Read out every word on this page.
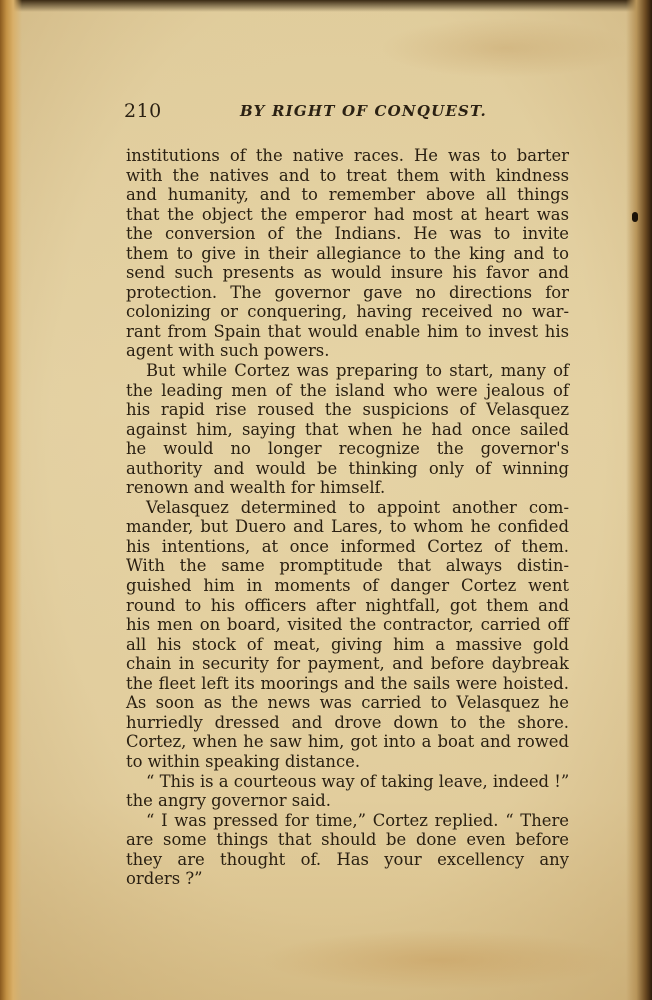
210	BY RIGHT OF CONQUEST.
institutions of the native races. He was to barter
with the natives and to treat them with kindness
and humanity, and to remember above all things
that the object the emperor had most at heart was
the conversion of the Indians. He was to invite
them to give in their allegiance to the king and to
send such presents as would insure his favor and
protection. The governor gave no directions for
colonizing or conquering, having received no war-
rant from Spain that would enable him to invest his
agent with such powers.
But while Cortez was preparing to start, many of
the leading men of the island who were jealous of
his rapid rise roused the suspicions of Velasquez
against him, saying that when he had once sailed
he would no longer recognize the governor's
authority and would be thinking only of winning
renown and wealth for himself.
Velasquez determined to appoint another com-
mander, but Duero and Lares, to whom he confided
his intentions, at once informed Cortez of them.
With the same promptitude that always distin-
guished him in moments of danger Cortez went
round to his officers after nightfall, got them and
his men on board, visited the contractor, carried off
all his stock of meat, giving him a massive gold
chain in security for payment, and before daybreak
the fleet left its moorings and the sails were hoisted.
As soon as the news was carried to Velasquez he
hurriedly dressed and drove down to the shore.
Cortez, when he saw him, got into a boat and rowed
to within speaking distance.
“ This is a courteous way of taking leave, indeed !”
the angry governor said.
“ I was pressed for time,” Cortez replied. “ There
are some things that should be done even before
they are thought of. Has your excellency any
orders ?”
